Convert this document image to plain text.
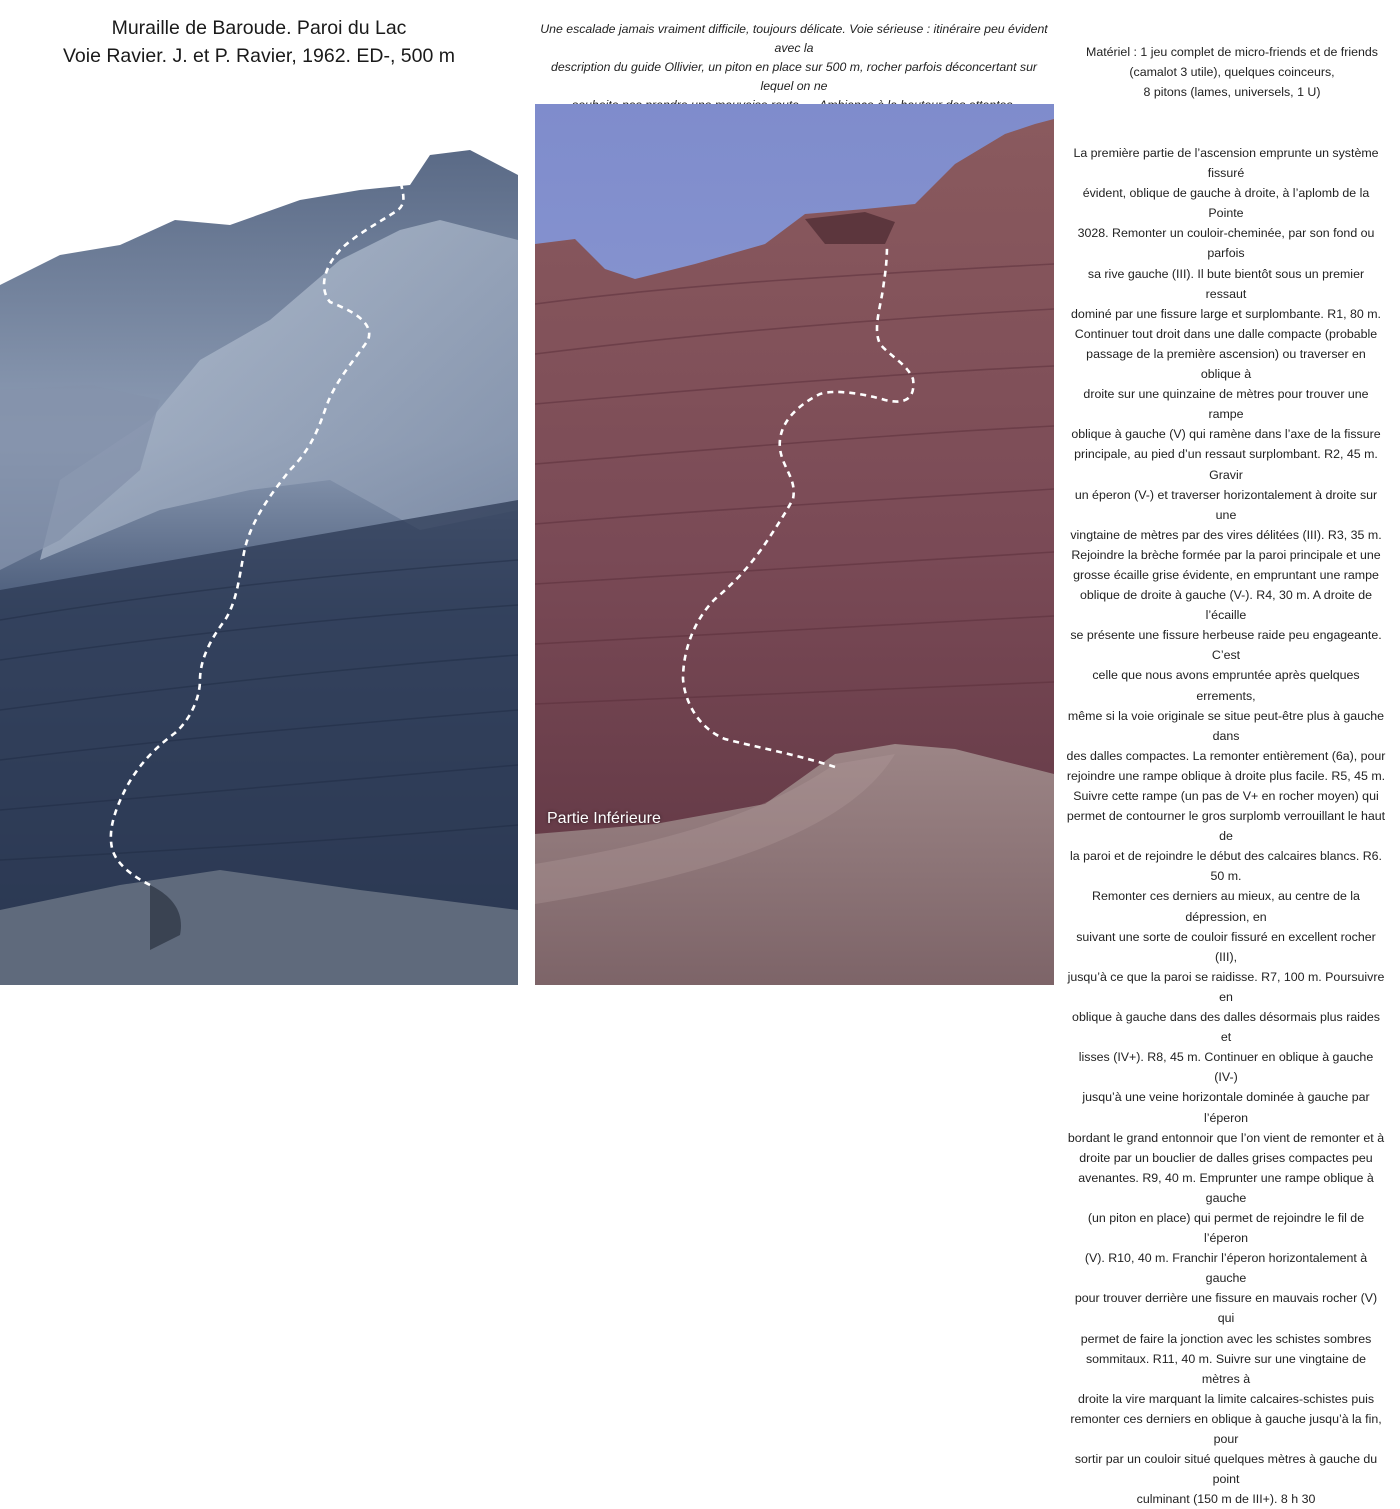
Muraille de Baroude. Paroi du Lac
Voie Ravier. J. et P. Ravier, 1962. ED-, 500 m
Une escalade jamais vraiment difficile, toujours délicate. Voie sérieuse : itinéraire peu évident avec la
description du guide Ollivier, un piton en place sur 500 m, rocher parfois déconcertant sur lequel on ne
Matériel : 1 jeu complet de micro-friends et de friends
(camalot 3 utile), quelques coinceurs,
8 pitons (lames, universels, 1 U)
La première partie de l’ascension emprunte un système fissuré
évident, oblique de gauche à droite, à l’aplomb de la Pointe
3028. Remonter un couloir-cheminée, par son fond ou parfois
sa rive gauche (III). Il bute bientôt sous un premier ressaut
dominé par une fissure large et surplombante. R1, 80 m.
Continuer tout droit dans une dalle compacte (probable
passage de la première ascension) ou traverser en oblique à
droite sur une quinzaine de mètres pour trouver une rampe
oblique à gauche (V) qui ramène dans l’axe de la fissure
principale, au pied d’un ressaut surplombant. R2, 45 m. Gravir
un éperon (V-) et traverser horizontalement à droite sur une
vingtaine de mètres par des vires délitées (III). R3, 35 m.
Rejoindre la brèche formée par la paroi principale et une
grosse écaille grise évidente, en empruntant une rampe
oblique de droite à gauche (V-). R4, 30 m. A droite de l’écaille
se présente une fissure herbeuse raide peu engageante. C’est
celle que nous avons empruntée après quelques errements,
même si la voie originale se situe peut-être plus à gauche dans
des dalles compactes. La remonter entièrement (6a), pour
rejoindre une rampe oblique à droite plus facile. R5, 45 m.
Suivre cette rampe (un pas de V+ en rocher moyen) qui
permet de contourner le gros surplomb verrouillant le haut de
la paroi et de rejoindre le début des calcaires blancs. R6. 50 m.
Remonter ces derniers au mieux, au centre de la dépression, en
suivant une sorte de couloir fissuré en excellent rocher (III),
jusqu’à ce que la paroi se raidisse. R7, 100 m. Poursuivre en
oblique à gauche dans des dalles désormais plus raides et
lisses (IV+). R8, 45 m. Continuer en oblique à gauche (IV-)
jusqu’à une veine horizontale dominée à gauche par l’éperon
bordant le grand entonnoir que l’on vient de remonter et à
droite par un bouclier de dalles grises compactes peu
avenantes. R9, 40 m. Emprunter une rampe oblique à gauche
(un piton en place) qui permet de rejoindre le fil de l’éperon
(V). R10, 40 m. Franchir l’éperon horizontalement à gauche
pour trouver derrière une fissure en mauvais rocher (V) qui
permet de faire la jonction avec les schistes sombres
sommitaux. R11, 40 m. Suivre sur une vingtaine de mètres à
droite la vire marquant la limite calcaires-schistes puis
remonter ces derniers en oblique à gauche jusqu’à la fin, pour
sortir par un couloir situé quelques mètres à gauche du point
culminant (150 m de III+). 8 h 30
Partie Inférieure
